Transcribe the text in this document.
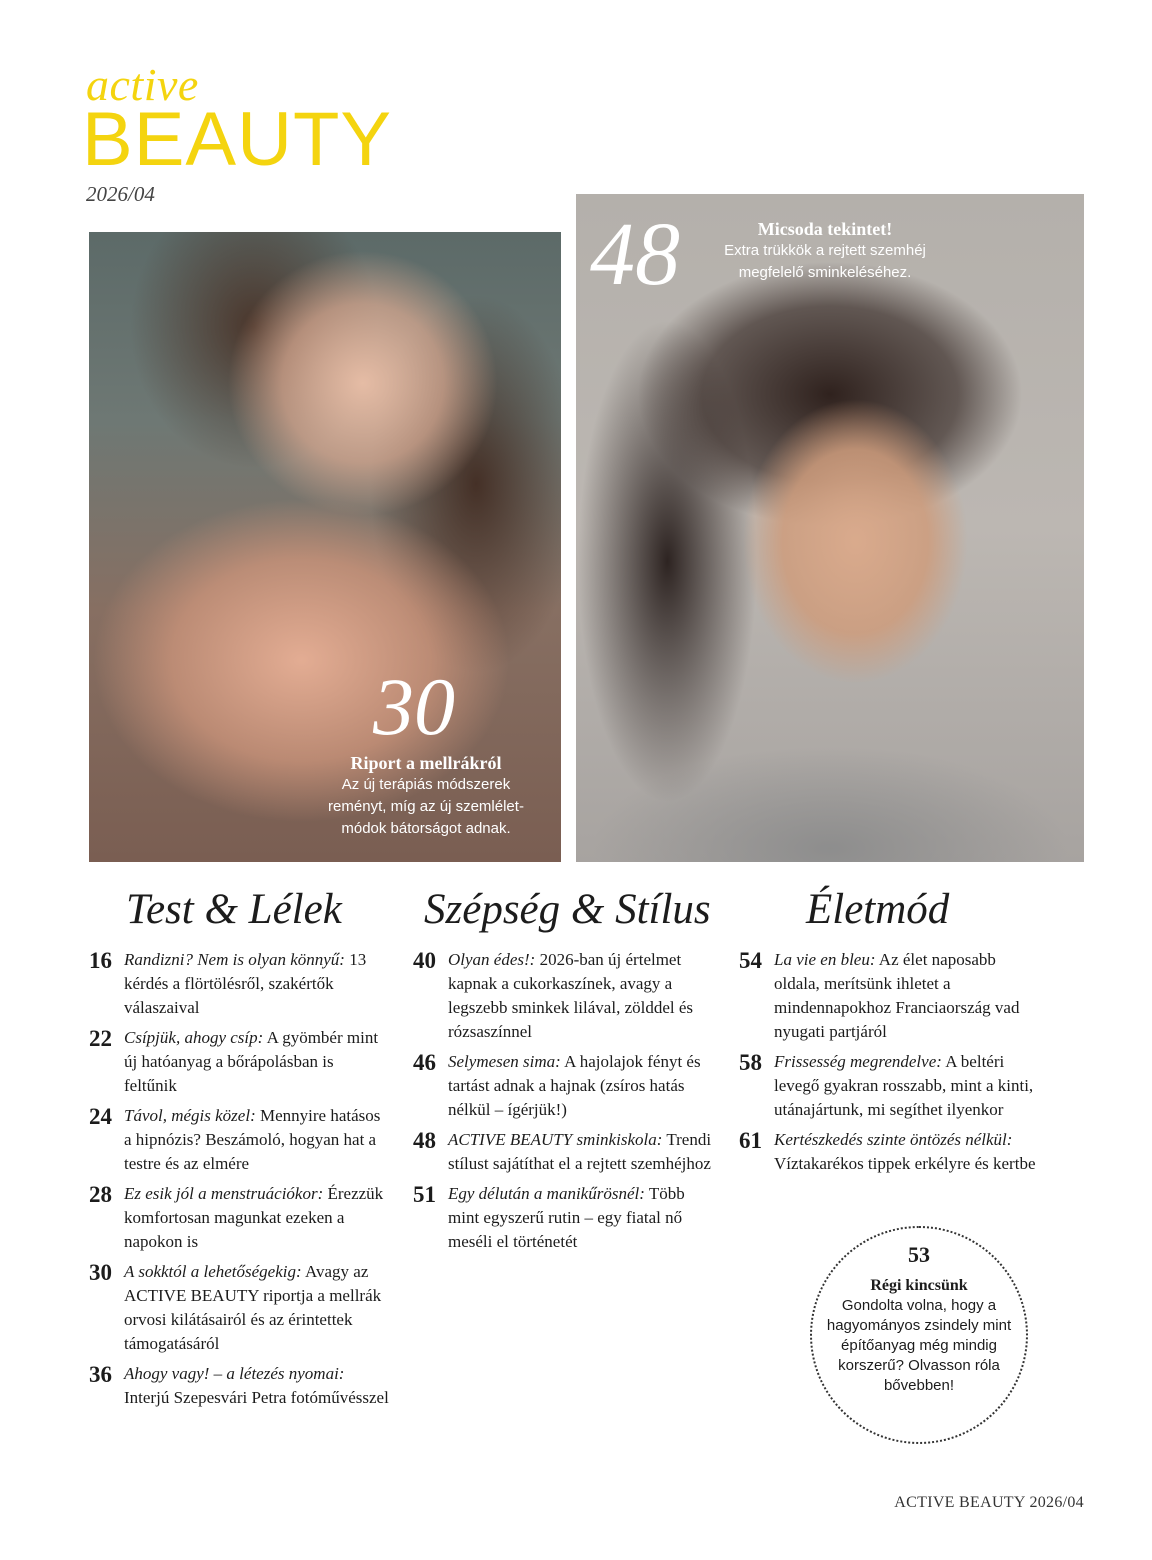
active
BEAUTY
2026/04
30
Riport a mellrákról
Az új terápiás módszerek
reményt, míg az új szemlélet-
módok bátorságot adnak.
48	Micsoda tekintet!
Extra trükkök a rejtett szemhéj
megfelelő sminkeléséhez.
Test & Lélek Szépség & Stílus Életmód
16 Randizni? Nem is olyan könnyű: 13 kérdés a flörtölésről, szakértők válaszaival
22 Csípjük, ahogy csíp: A gyömbér mint új hatóanyag a bőrápolásban is feltűnik
24 Távol, mégis közel: Mennyire hatásos a hipnózis? Beszámoló, hogyan hat a testre és az elmére
28 Ez esik jól a menstruációkor: Érezzük komfortosan magunkat ezeken a napokon is
30 A sokktól a lehetőségekig: Avagy az ACTIVE BEAUTY riportja a mellrák orvosi kilátásairól és az érintettek támogatásáról
36 Ahogy vagy! – a létezés nyomai: Interjú Szepesvári Petra fotóművésszel
40 Olyan édes!: 2026-ban új értelmet kapnak a cukorkaszínek, avagy a legszebb sminkek lilával, zölddel és rózsaszínnel
46 Selymesen sima: A hajolajok fényt és tartást adnak a hajnak (zsíros hatás nélkül – ígérjük!)
48 ACTIVE BEAUTY sminkiskola: Trendi stílust sajátíthat el a rejtett szemhéjhoz
51 Egy délután a manikűrösnél: Több mint egyszerű rutin – egy fiatal nő meséli el történetét
54 La vie en bleu: Az élet naposabb oldala, merítsünk ihletet a mindennapokhoz Franciaország vad nyugati partjáról
58 Frissesség megrendelve: A beltéri levegő gyakran rosszabb, mint a kinti, utánajártunk, mi segíthet ilyenkor
61 Kertészkedés szinte öntözés nélkül: Víztakarékos tippek erkélyre és kertbe
53
Régi kincsünk
Gondolta volna, hogy a hagyományos zsindely mint építőanyag még mindig korszerű? Olvasson róla bővebben!
ACTIVE BEAUTY 2026/04
